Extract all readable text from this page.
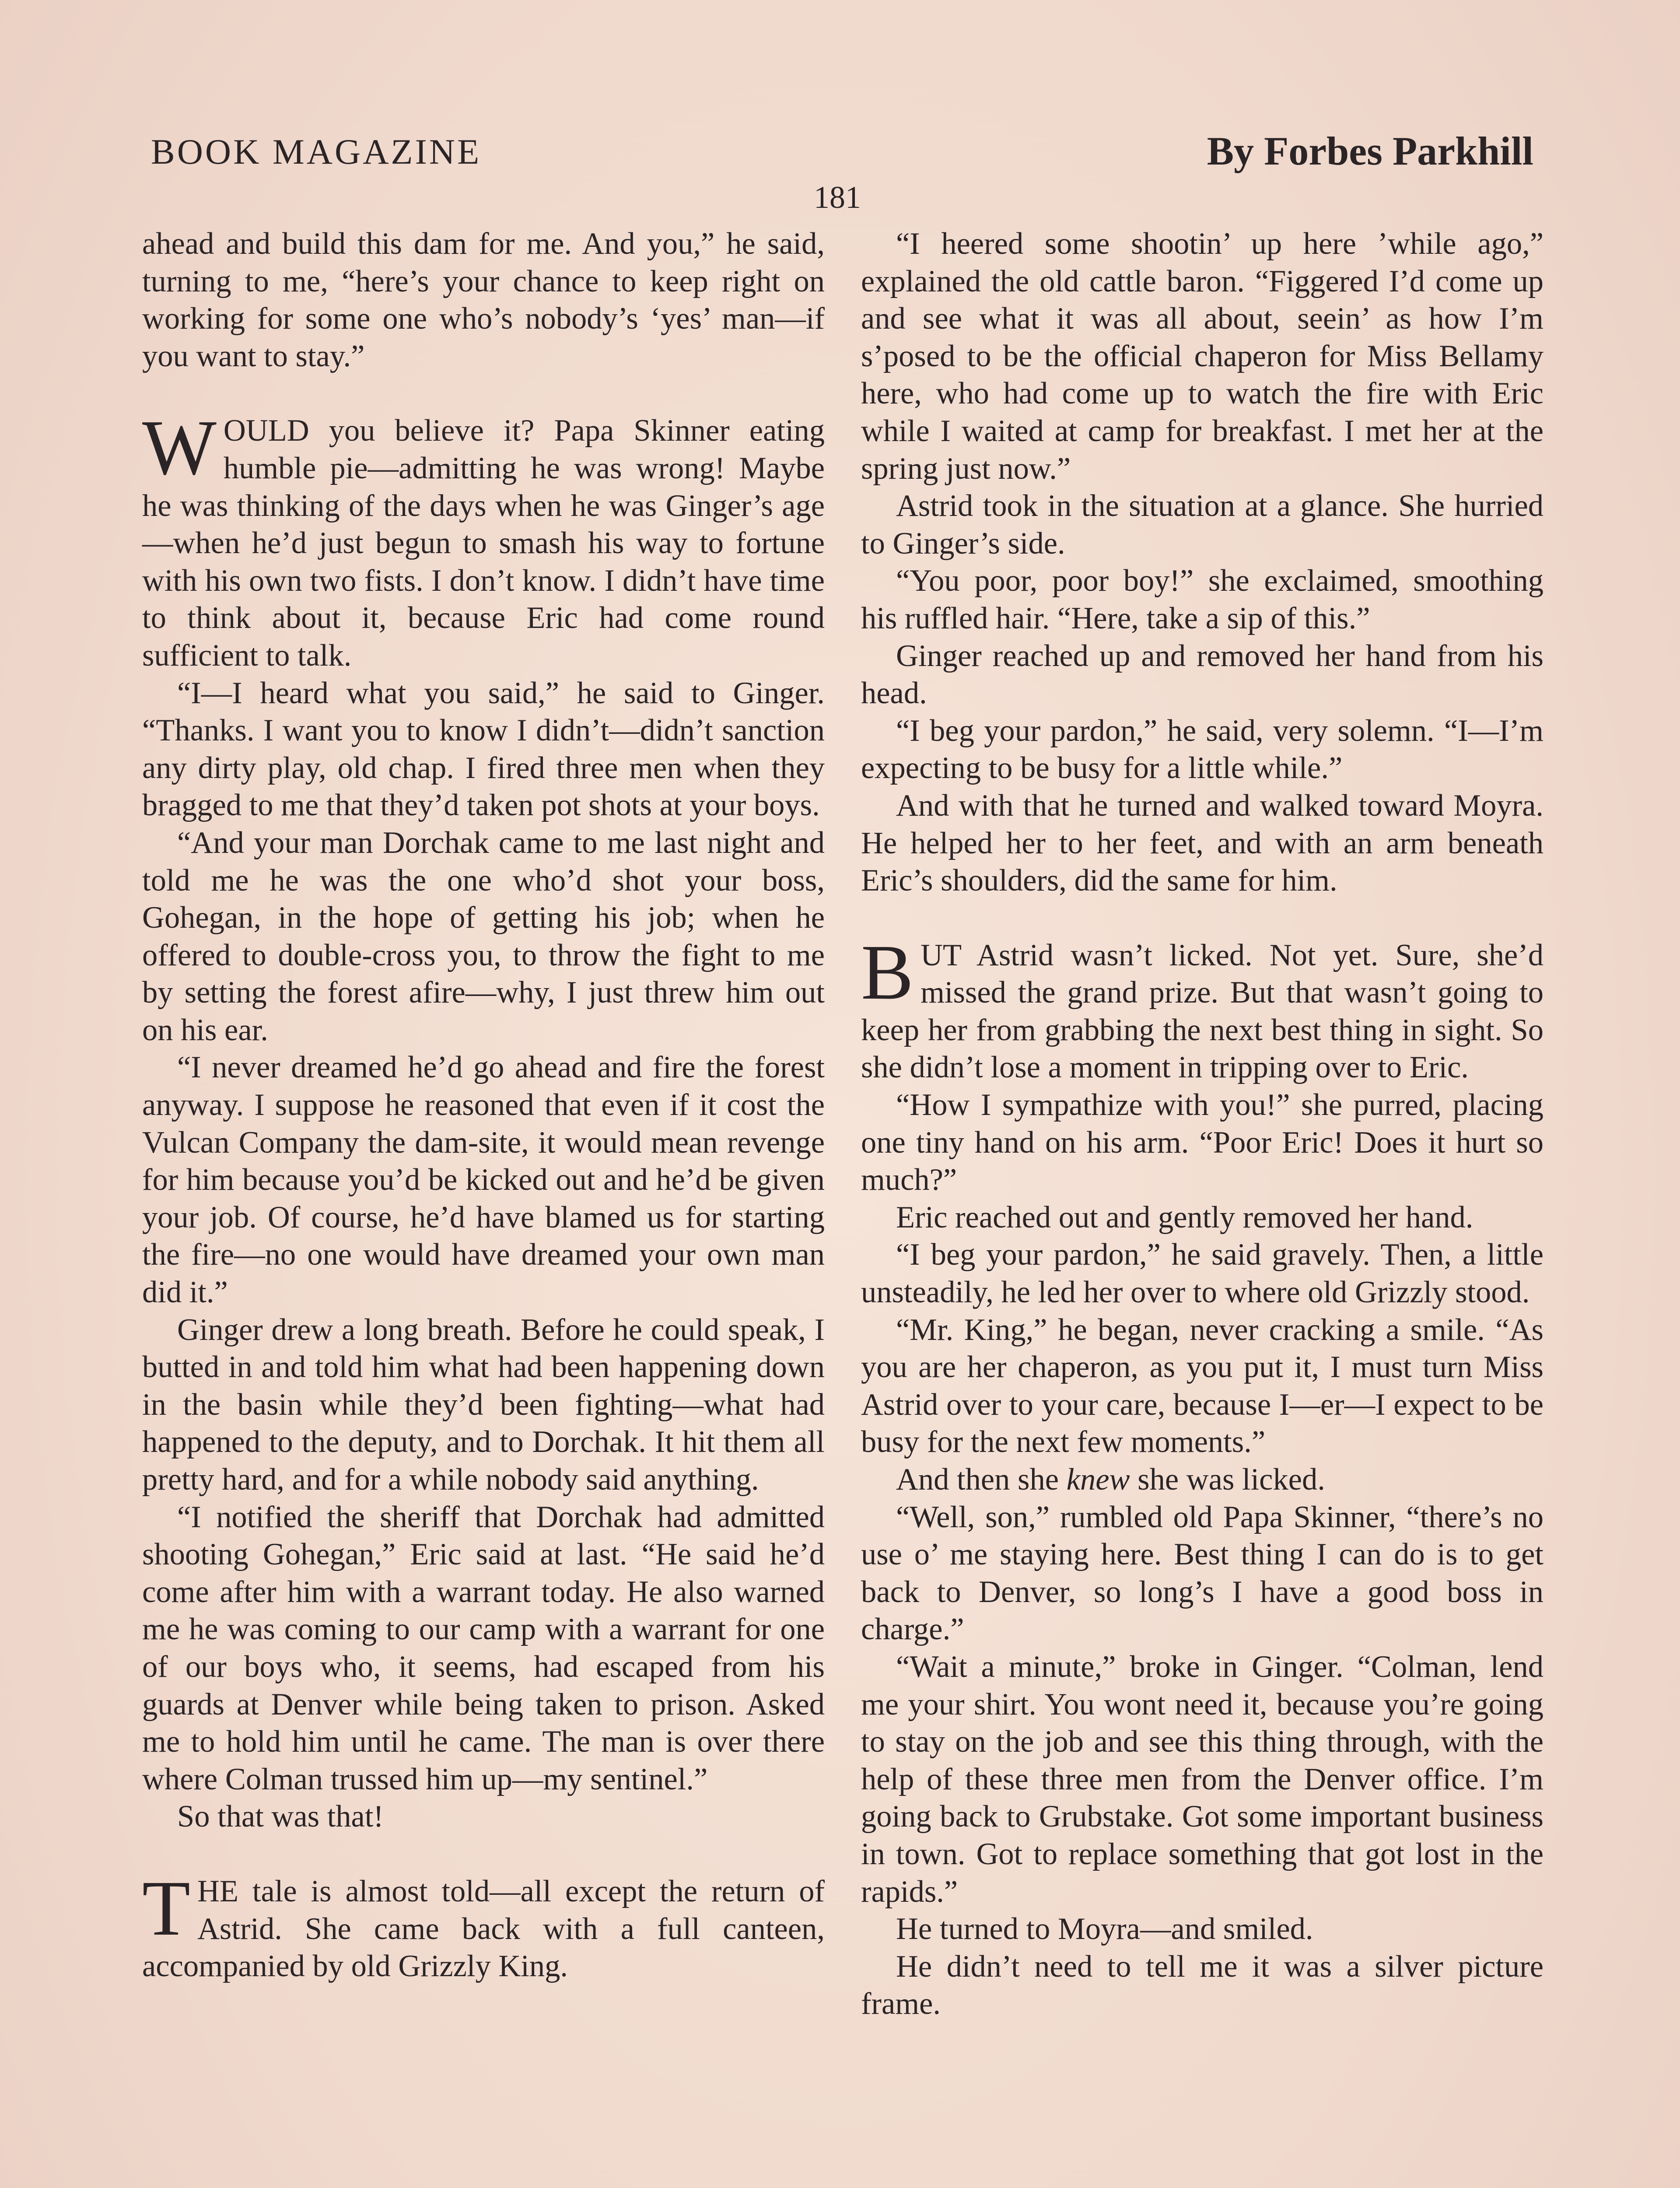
BOOK MAGAZINE	By Forbes Parkhill
181

ahead and build this dam for me. And you,” he said, turning to me, “here’s your chance to keep right on working for some one who’s nobody’s ‘yes’ man—if you want to stay.”

WOULD you believe it? Papa Skinner eating humble pie—admitting he was wrong! Maybe he was thinking of the days when he was Ginger’s age—when he’d just begun to smash his way to fortune with his own two fists. I don’t know. I didn’t have time to think about it, because Eric had come round sufficient to talk.

“I—I heard what you said,” he said to Ginger. “Thanks. I want you to know I didn’t—didn’t sanction any dirty play, old chap. I fired three men when they bragged to me that they’d taken pot shots at your boys.

“And your man Dorchak came to me last night and told me he was the one who’d shot your boss, Gohegan, in the hope of getting his job; when he offered to double-cross you, to throw the fight to me by setting the forest afire—why, I just threw him out on his ear.

“I never dreamed he’d go ahead and fire the forest anyway. I suppose he reasoned that even if it cost the Vulcan Company the dam-site, it would mean revenge for him because you’d be kicked out and he’d be given your job. Of course, he’d have blamed us for starting the fire—no one would have dreamed your own man did it.”

Ginger drew a long breath. Before he could speak, I butted in and told him what had been happening down in the basin while they’d been fighting—what had happened to the deputy, and to Dorchak. It hit them all pretty hard, and for a while nobody said anything.

“I notified the sheriff that Dorchak had admitted shooting Gohegan,” Eric said at last. “He said he’d come after him with a warrant today. He also warned me he was coming to our camp with a warrant for one of our boys who, it seems, had escaped from his guards at Denver while being taken to prison. Asked me to hold him until he came. The man is over there where Colman trussed him up—my sentinel.”

So that was that!

THE tale is almost told—all except the return of Astrid. She came back with a full canteen, accompanied by old Grizzly King.

“I heered some shootin’ up here ’while ago,” explained the old cattle baron. “Figgered I’d come up and see what it was all about, seein’ as how I’m s’posed to be the official chaperon for Miss Bellamy here, who had come up to watch the fire with Eric while I waited at camp for breakfast. I met her at the spring just now.”

Astrid took in the situation at a glance. She hurried to Ginger’s side.

“You poor, poor boy!” she exclaimed, smoothing his ruffled hair. “Here, take a sip of this.”

Ginger reached up and removed her hand from his head.

“I beg your pardon,” he said, very solemn. “I—I’m expecting to be busy for a little while.”

And with that he turned and walked toward Moyra. He helped her to her feet, and with an arm beneath Eric’s shoulders, did the same for him.

BUT Astrid wasn’t licked. Not yet. Sure, she’d missed the grand prize. But that wasn’t going to keep her from grabbing the next best thing in sight. So she didn’t lose a moment in tripping over to Eric.

“How I sympathize with you!” she purred, placing one tiny hand on his arm. “Poor Eric! Does it hurt so much?”

Eric reached out and gently removed her hand.

“I beg your pardon,” he said gravely. Then, a little unsteadily, he led her over to where old Grizzly stood.

“Mr. King,” he began, never cracking a smile. “As you are her chaperon, as you put it, I must turn Miss Astrid over to your care, because I—er—I expect to be busy for the next few moments.”

And then she knew she was licked.

“Well, son,” rumbled old Papa Skinner, “there’s no use o’ me staying here. Best thing I can do is to get back to Denver, so long’s I have a good boss in charge.”

“Wait a minute,” broke in Ginger. “Colman, lend me your shirt. You wont need it, because you’re going to stay on the job and see this thing through, with the help of these three men from the Denver office. I’m going back to Grubstake. Got some important business in town. Got to replace something that got lost in the rapids.”

He turned to Moyra—and smiled.

He didn’t need to tell me it was a silver picture frame.
